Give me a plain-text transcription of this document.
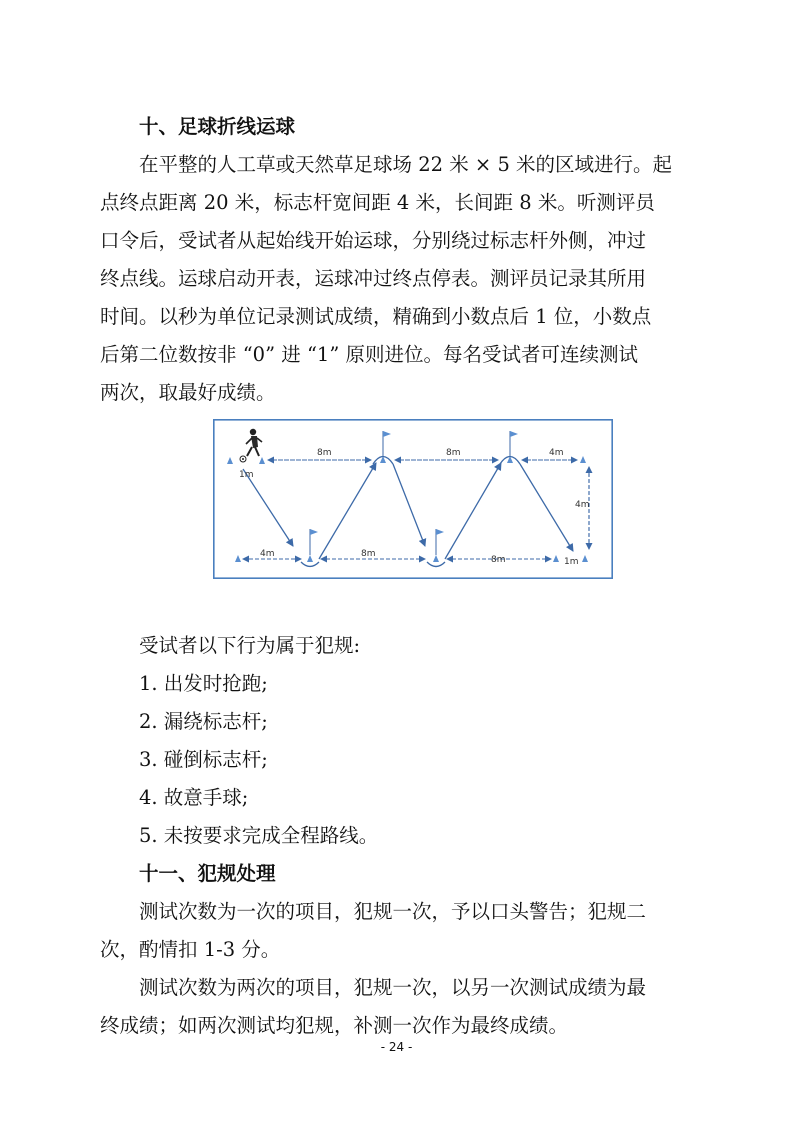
十、足球折线运球
在平整的人工草或天然草足球场 22 米 × 5 米的区域进行。起
点终点距离 20 米，标志杆宽间距 4 米，长间距 8 米。听测评员
口令后，受试者从起始线开始运球，分别绕过标志杆外侧，冲过
终点线。运球启动开表，运球冲过终点停表。测评员记录其所用
时间。以秒为单位记录测试成绩，精确到小数点后 1 位，小数点
后第二位数按非 “0” 进 “1” 原则进位。每名受试者可连续测试
两次，取最好成绩。
8m	8m	4m
4m
1m
4m	8m
8m	1m
受试者以下行为属于犯规:
1. 出发时抢跑;
2. 漏绕标志杆;
3. 碰倒标志杆;
4. 故意手球;
5. 未按要求完成全程路线。
十一、犯规处理
测试次数为一次的项目，犯规一次，予以口头警告；犯规二
次，酌情扣 1-3 分。
测试次数为两次的项目，犯规一次，以另一次测试成绩为最
终成绩；如两次测试均犯规，补测一次作为最终成绩。
- 24 -
